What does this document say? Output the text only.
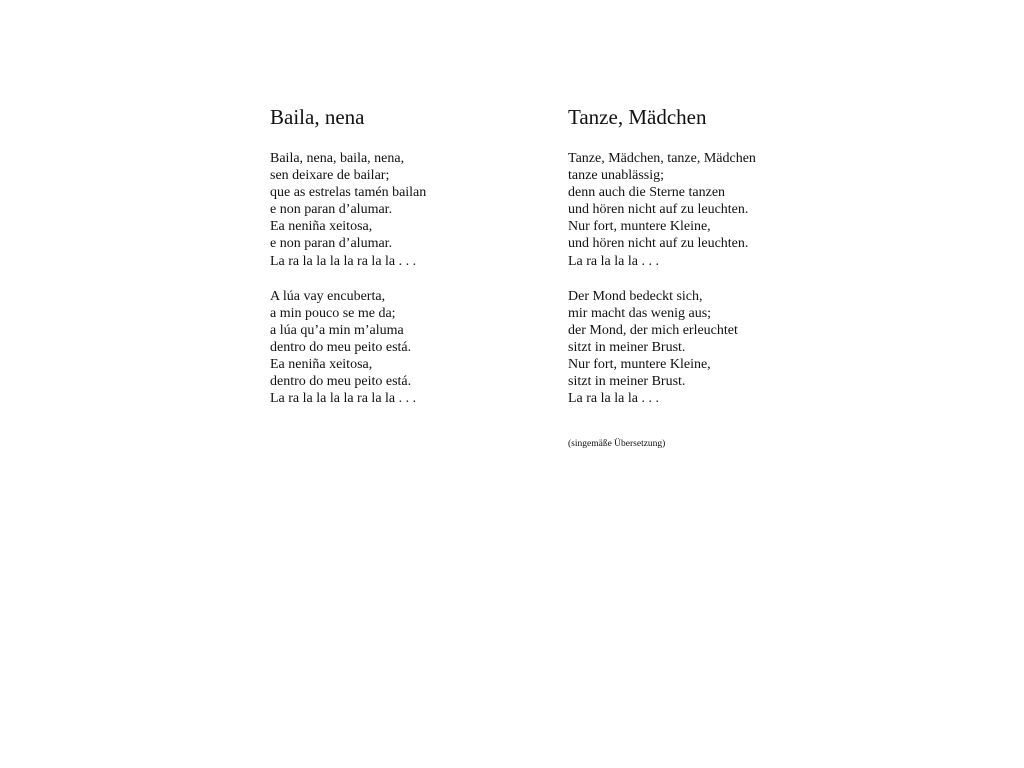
Baila, nena
Baila, nena, baila, nena,
sen deixare de bailar;
que as estrelas tamén bailan
e non paran d’alumar.
Ea neniña xeitosa,
e non paran d’alumar.
La ra la la la la ra la la . . .
A lúa vay encuberta,
a min pouco se me da;
a lúa qu’a min m’aluma
dentro do meu peito está.
Ea neniña xeitosa,
dentro do meu peito está.
La ra la la la la ra la la . . .
Tanze, Mädchen
Tanze, Mädchen, tanze, Mädchen
tanze unablässig;
denn auch die Sterne tanzen
und hören nicht auf zu leuchten.
Nur fort, muntere Kleine,
und hören nicht auf zu leuchten.
La ra la la la . . .
Der Mond bedeckt sich,
mir macht das wenig aus;
der Mond, der mich erleuchtet
sitzt in meiner Brust.
Nur fort, muntere Kleine,
sitzt in meiner Brust.
La ra la la la . . .
(singemäße Übersetzung)
